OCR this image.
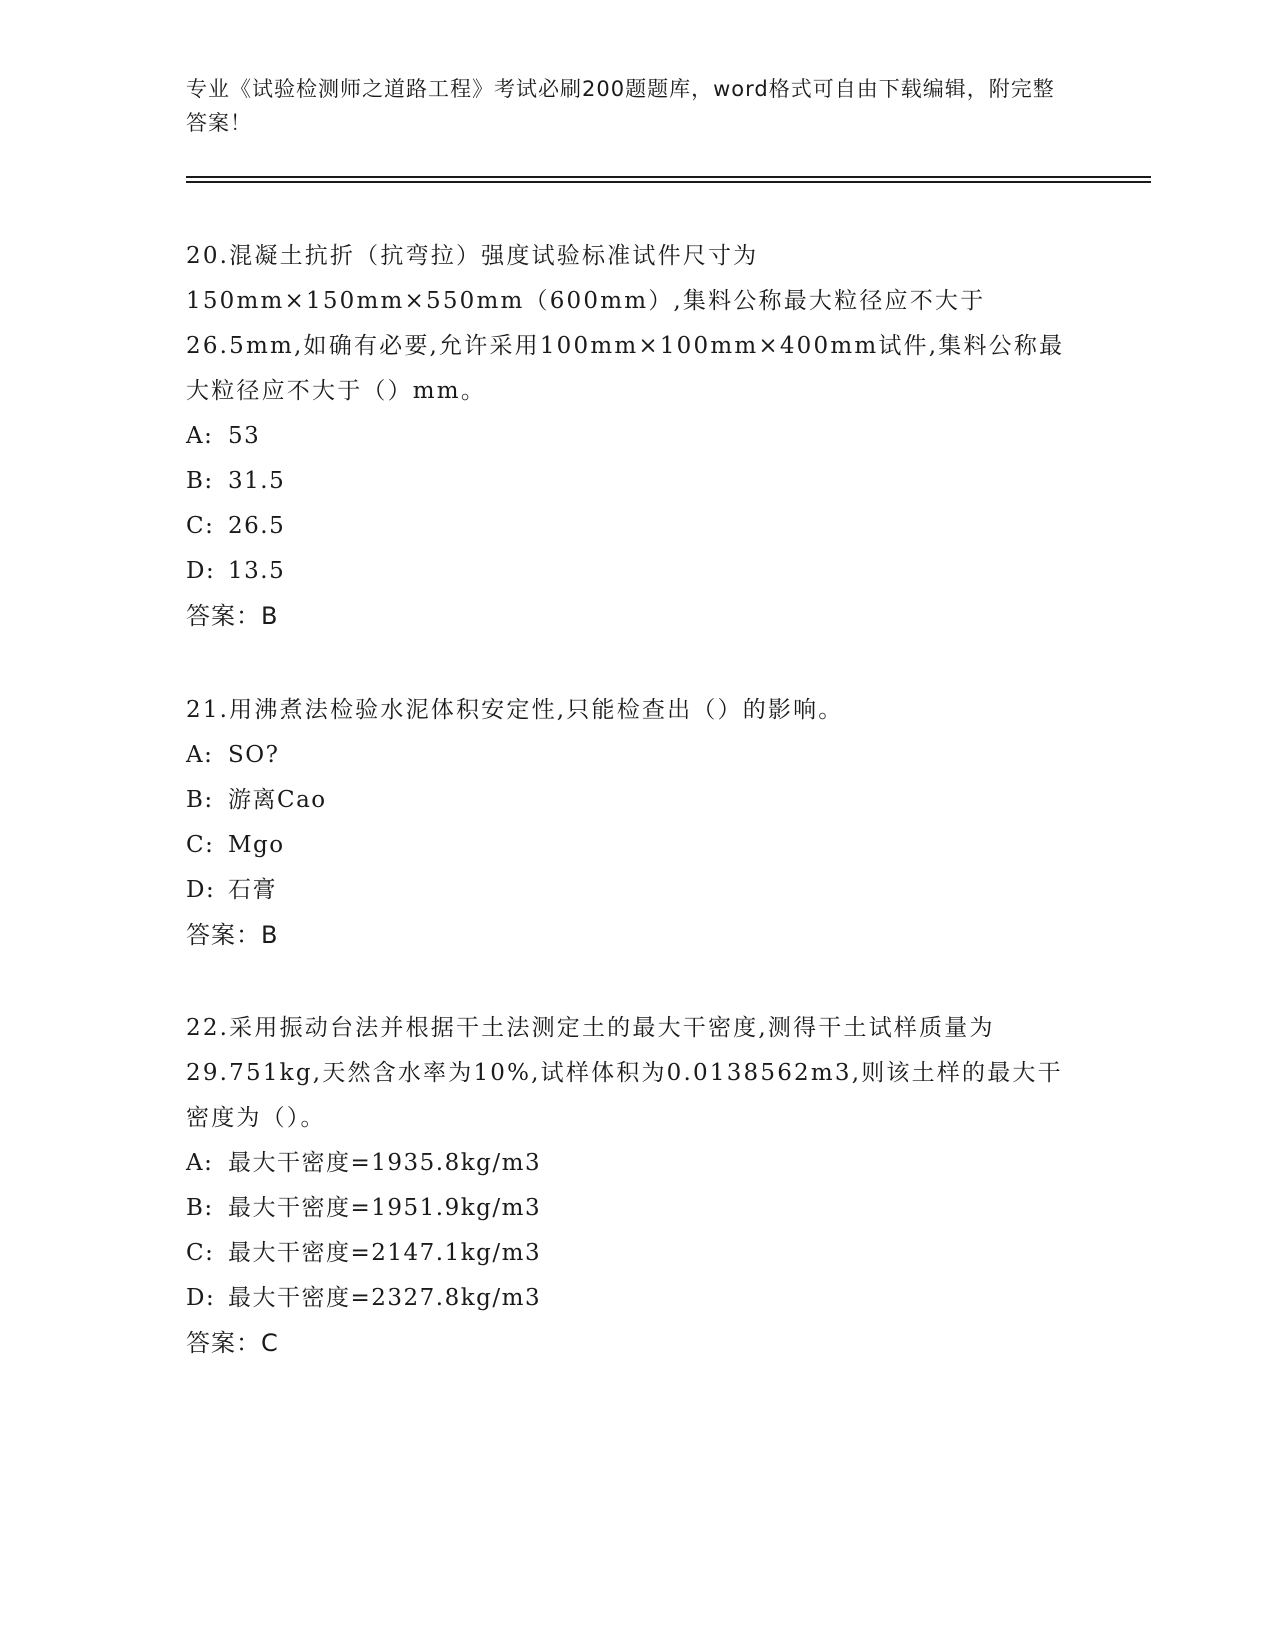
专业《试验检测师之道路工程》考试必刷200题题库，word格式可自由下载编辑，附完整答案！

20.混凝土抗折（抗弯拉）强度试验标准试件尺寸为150mm×150mm×550mm（600mm）,集料公称最大粒径应不大于26.5mm,如确有必要,允许采用100mm×100mm×400mm试件,集料公称最大粒径应不大于（）mm。

A: 53

B: 31.5

C: 26.5

D: 13.5

答案：B

21.用沸煮法检验水泥体积安定性,只能检查出（）的影响。

A: SO?

B: 游离Cao

C: Mgo

D: 石膏

答案：B

22.采用振动台法并根据干土法测定土的最大干密度,测得干土试样质量为29.751kg,天然含水率为10%,试样体积为0.0138562m3,则该土样的最大干密度为（）。

A: 最大干密度=1935.8kg/m3

B: 最大干密度=1951.9kg/m3

C: 最大干密度=2147.1kg/m3

D: 最大干密度=2327.8kg/m3

答案：C
